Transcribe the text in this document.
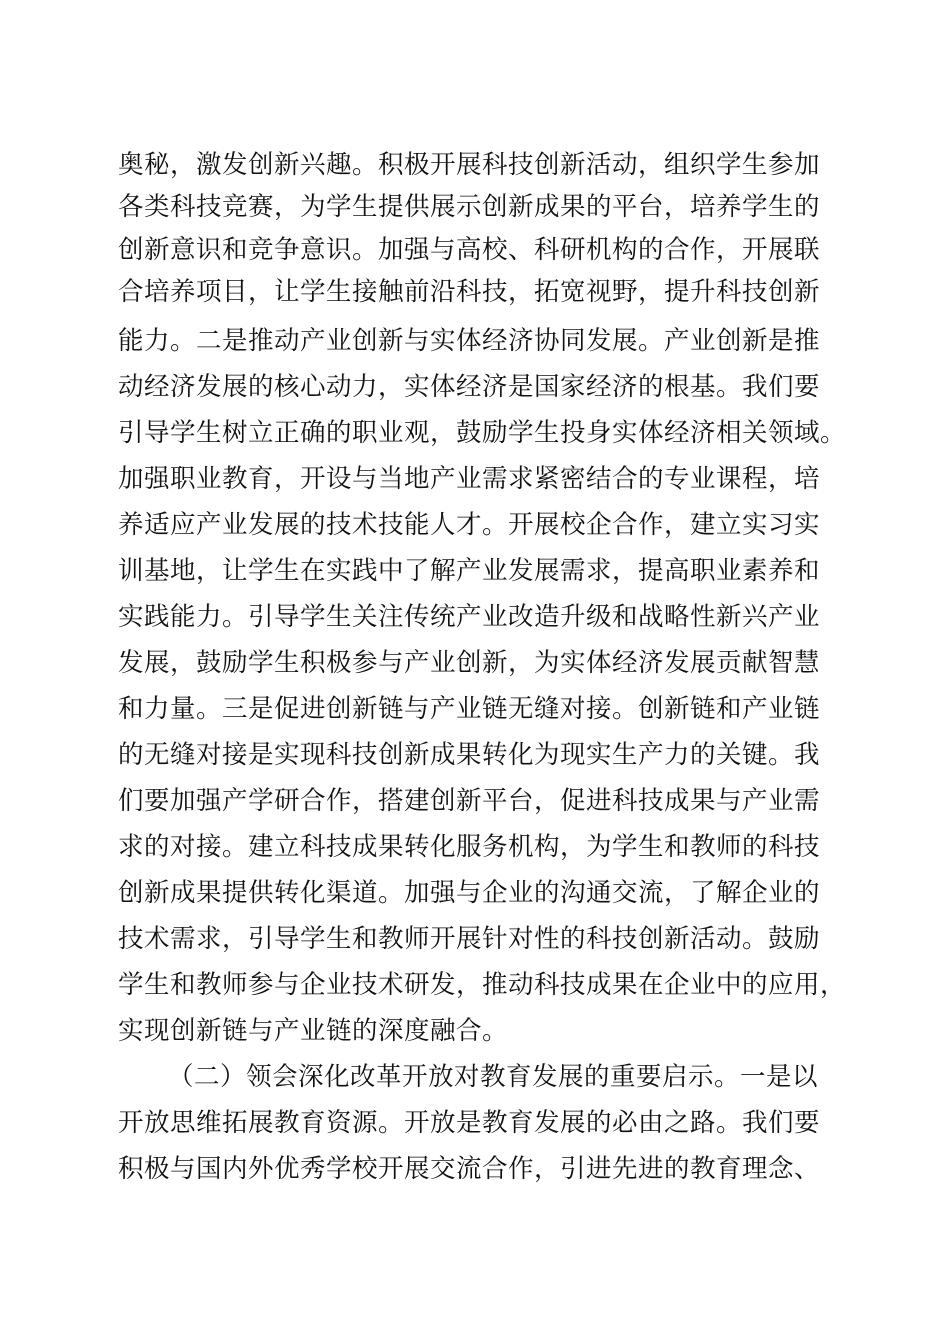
奥秘，激发创新兴趣。积极开展科技创新活动，组织学生参加
各类科技竞赛，为学生提供展示创新成果的平台，培养学生的
创新意识和竞争意识。加强与高校、科研机构的合作，开展联
合培养项目，让学生接触前沿科技，拓宽视野，提升科技创新
能力。二是推动产业创新与实体经济协同发展。产业创新是推
动经济发展的核心动力，实体经济是国家经济的根基。我们要
引导学生树立正确的职业观，鼓励学生投身实体经济相关领域。
加强职业教育，开设与当地产业需求紧密结合的专业课程，培
养适应产业发展的技术技能人才。开展校企合作，建立实习实
训基地，让学生在实践中了解产业发展需求，提高职业素养和
实践能力。引导学生关注传统产业改造升级和战略性新兴产业
发展，鼓励学生积极参与产业创新，为实体经济发展贡献智慧
和力量。三是促进创新链与产业链无缝对接。创新链和产业链
的无缝对接是实现科技创新成果转化为现实生产力的关键。我
们要加强产学研合作，搭建创新平台，促进科技成果与产业需
求的对接。建立科技成果转化服务机构，为学生和教师的科技
创新成果提供转化渠道。加强与企业的沟通交流，了解企业的
技术需求，引导学生和教师开展针对性的科技创新活动。鼓励
学生和教师参与企业技术研发，推动科技成果在企业中的应用，
实现创新链与产业链的深度融合。
（二）领会深化改革开放对教育发展的重要启示。一是以
开放思维拓展教育资源。开放是教育发展的必由之路。我们要
积极与国内外优秀学校开展交流合作，引进先进的教育理念、
